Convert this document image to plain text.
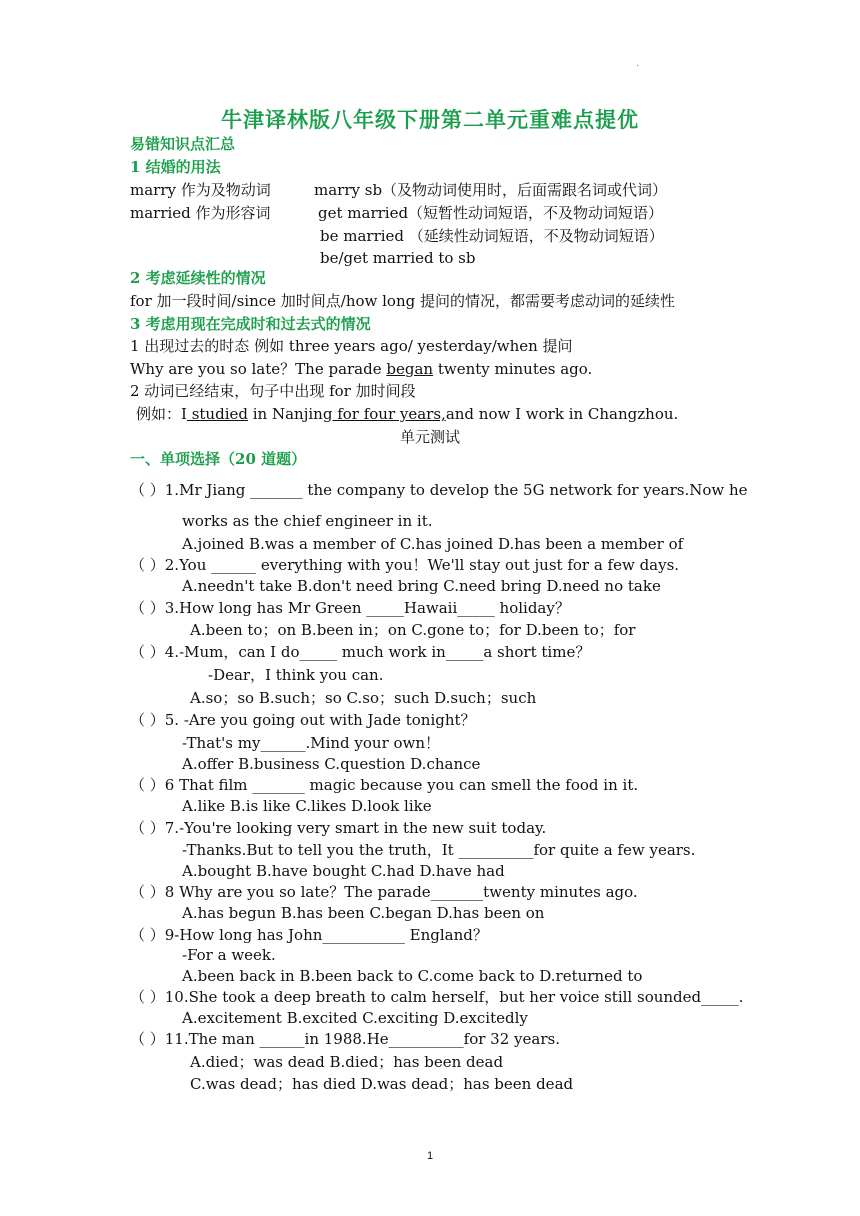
.
牛津译林版八年级下册第二单元重难点提优
易错知识点汇总
1 结婚的用法
marry 作为及物动词	marry sb（及物动词使用时，后面需跟名词或代词）
married 作为形容词	get married（短暂性动词短语，不及物动词短语）
be married （延续性动词短语，不及物动词短语）
be/get married to sb
2 考虑延续性的情况
for 加一段时间/since 加时间点/how long 提问的情况，都需要考虑动词的延续性
3 考虑用现在完成时和过去式的情况
1 出现过去的时态 例如 three years ago/ yesterday/when 提问
Why are you so late？The parade began twenty minutes ago.
2 动词已经结束，句子中出现 for 加时间段
例如：I studied in Nanjing for four years,and now I work in Changzhou.
单元测试
一、单项选择（20 道题）
（ ）1.Mr Jiang _______ the company to develop the 5G network for years.Now he
works as the chief engineer in it.
A.joined B.was a member of C.has joined D.has been a member of
（ ）2.You ______ everything with you！We'll stay out just for a few days.
A.needn't take B.don't need bring C.need bring D.need no take
（ ）3.How long has Mr Green _____Hawaii_____ holiday？
A.been to；on B.been in；on C.gone to；for D.been to；for
（ ）4.-Mum，can I do_____ much work in_____a short time？
-Dear，I think you can.
A.so；so B.such；so C.so；such D.such；such
（ ）5. -Are you going out with Jade tonight？
-That's my______.Mind your own！
A.offer B.business C.question D.chance
（ ）6 That film _______ magic because you can smell the food in it.
A.like B.is like C.likes D.look like
（ ）7.-You're looking very smart in the new suit today.
-Thanks.But to tell you the truth，It __________for quite a few years.
A.bought B.have bought C.had D.have had
（ ）8 Why are you so late？The parade_______twenty minutes ago.
A.has begun B.has been C.began D.has been on
（ ）9-How long has John___________ England？
-For a week.
A.been back in B.been back to C.come back to D.returned to
（ ）10.She took a deep breath to calm herself，but her voice still sounded_____.
A.excitement B.excited C.exciting D.excitedly
（ ）11.The man ______in 1988.He__________for 32 years.
A.died；was dead B.died；has been dead
C.was dead；has died D.was dead；has been dead
1
